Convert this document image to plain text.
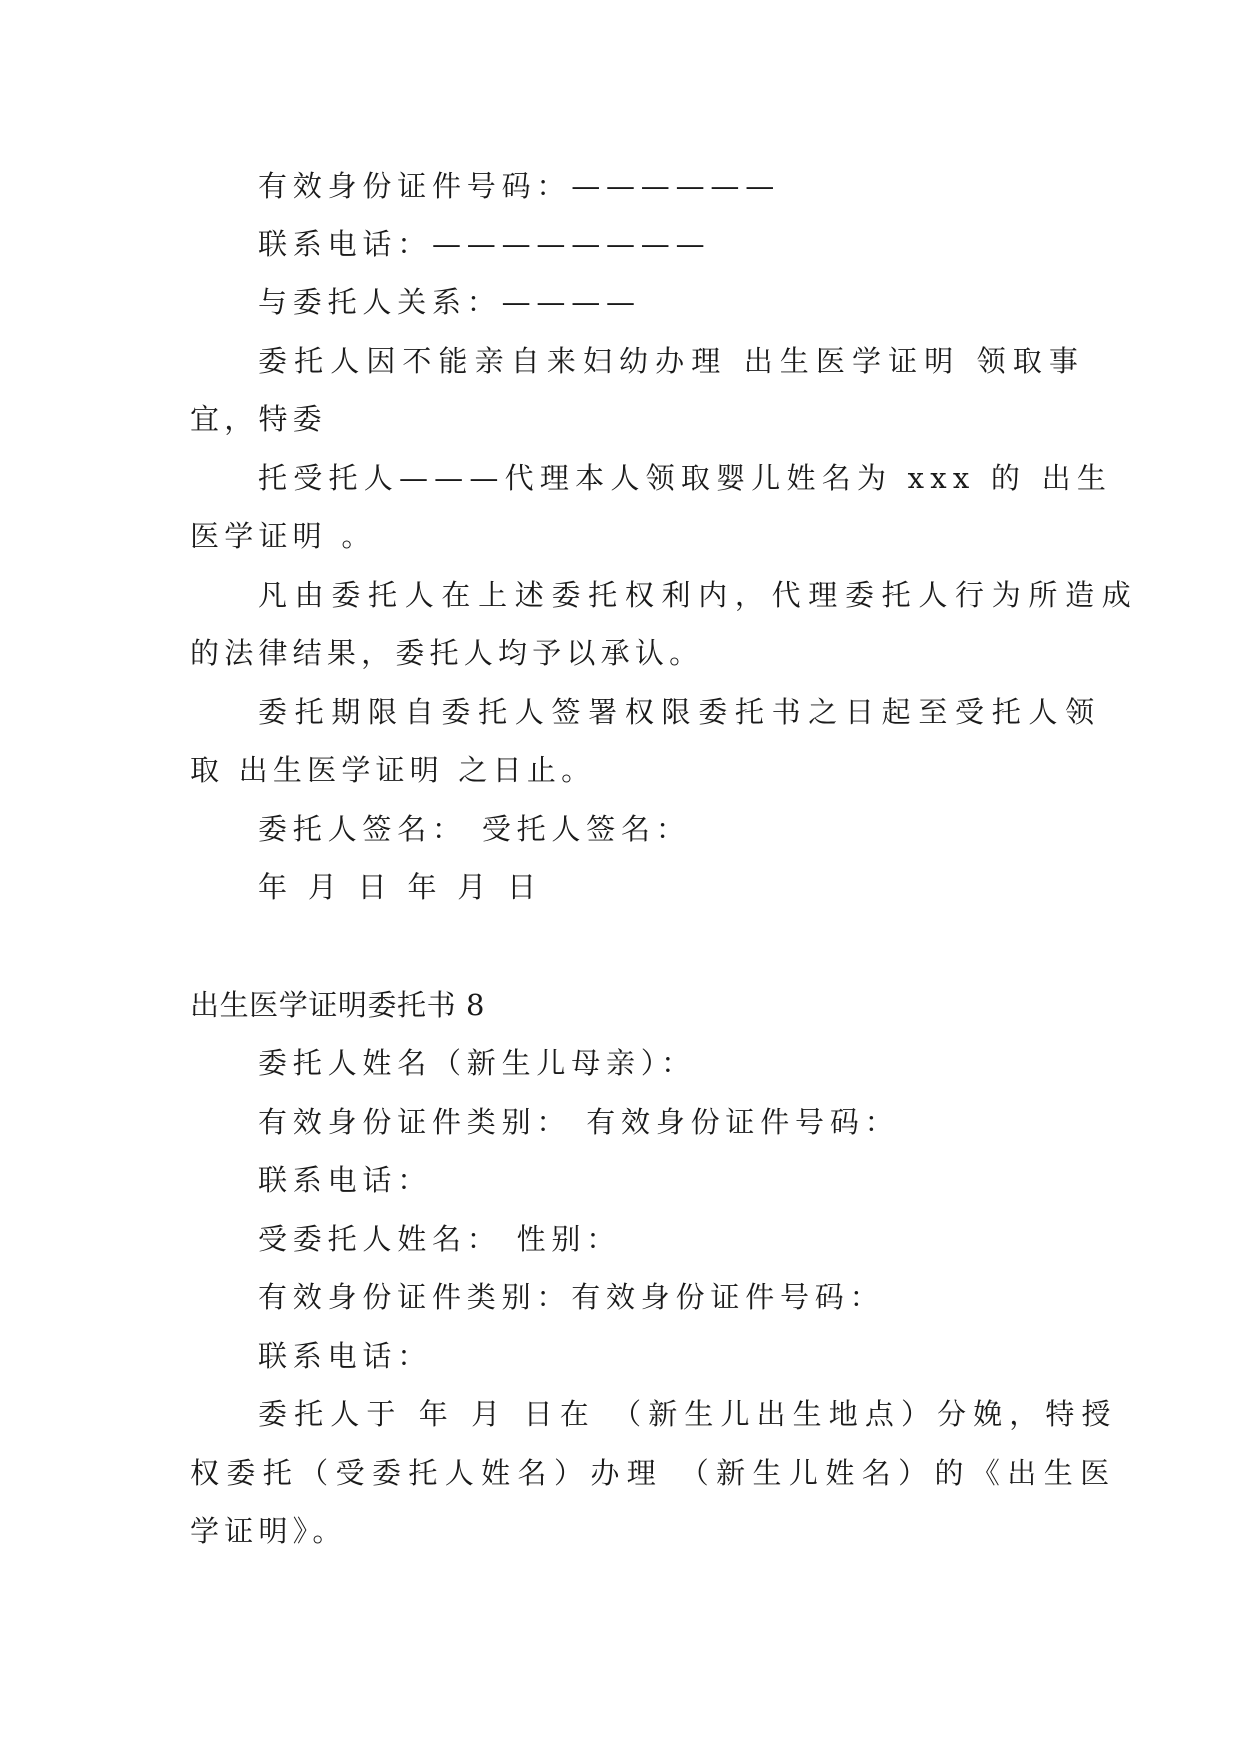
有效身份证件号码：——————
联系电话：————————
与委托人关系：————
委托人因不能亲自来妇幼办理 出生医学证明 领取事
宜，特委
托受托人———代理本人领取婴儿姓名为 xxx 的 出生
医学证明 。
凡由委托人在上述委托权利内，代理委托人行为所造成
的法律结果，委托人均予以承认。
委托期限自委托人签署权限委托书之日起至受托人领
取 出生医学证明 之日止。
委托人签名： 受托人签名：
年 月 日 年 月 日
出生医学证明委托书 8
委托人姓名（新生儿母亲）：
有效身份证件类别： 有效身份证件号码：
联系电话：
受委托人姓名： 性别：
有效身份证件类别：有效身份证件号码：
联系电话：
委托人于 年 月 日在 （新生儿出生地点）分娩，特授
权委托（受委托人姓名）办理 （新生儿姓名）的《出生医
学证明》。
